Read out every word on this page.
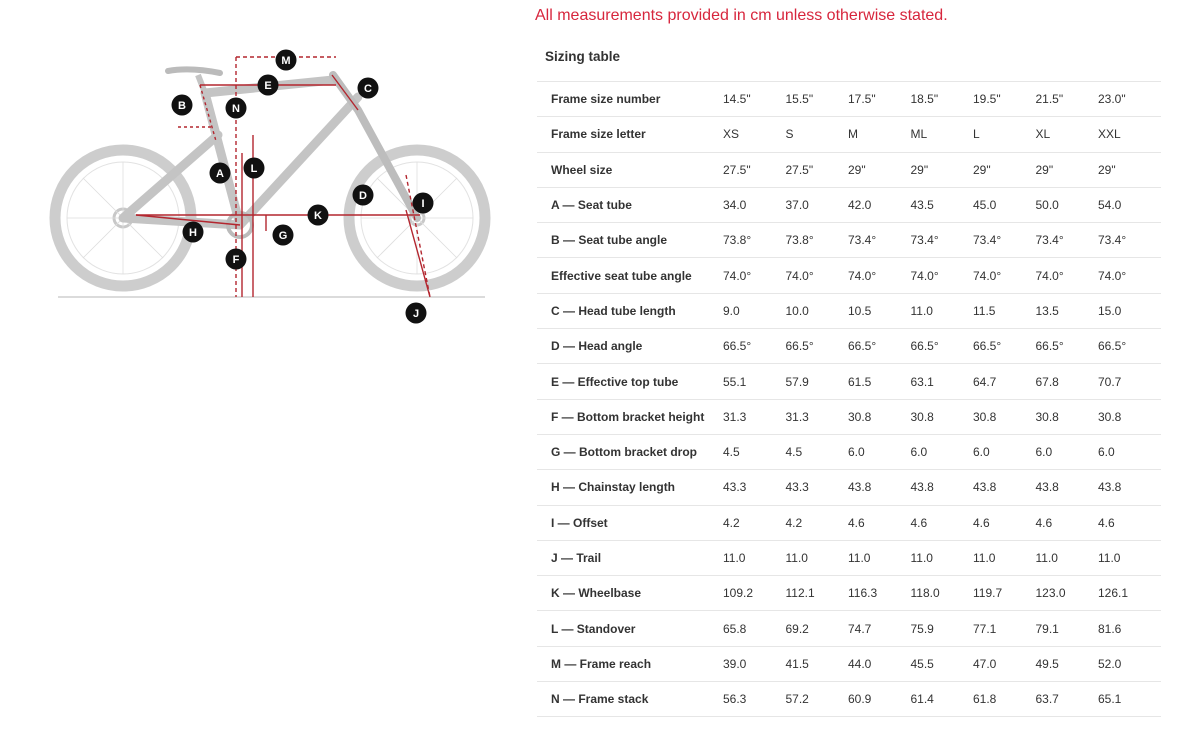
All measurements provided in cm unless otherwise stated.
M
E
N
C
B
L
A
D
I
K
H	G
F
J
Sizing table
Frame size number	14.5"	15.5"	17.5"	18.5"	19.5"	21.5"	23.0"
Frame size letter	XS	S	M	ML	L	XL	XXL
Wheel size	27.5"	27.5"	29"	29"	29"	29"	29"
A — Seat tube	34.0	37.0	42.0	43.5	45.0	50.0	54.0
B — Seat tube angle	73.8°	73.8°	73.4°	73.4°	73.4°	73.4°	73.4°
Effective seat tube angle	74.0°	74.0°	74.0°	74.0°	74.0°	74.0°	74.0°
C — Head tube length	9.0	10.0	10.5	11.0	11.5	13.5	15.0
D — Head angle	66.5°	66.5°	66.5°	66.5°	66.5°	66.5°	66.5°
E — Effective top tube	55.1	57.9	61.5	63.1	64.7	67.8	70.7
F — Bottom bracket height	31.3	31.3	30.8	30.8	30.8	30.8	30.8
G — Bottom bracket drop	4.5	4.5	6.0	6.0	6.0	6.0	6.0
H — Chainstay length	43.3	43.3	43.8	43.8	43.8	43.8	43.8
I — Offset	4.2	4.2	4.6	4.6	4.6	4.6	4.6
J — Trail	11.0	11.0	11.0	11.0	11.0	11.0	11.0
K — Wheelbase	109.2	112.1	116.3	118.0	119.7	123.0	126.1
L — Standover	65.8	69.2	74.7	75.9	77.1	79.1	81.6
M — Frame reach	39.0	41.5	44.0	45.5	47.0	49.5	52.0
N — Frame stack	56.3	57.2	60.9	61.4	61.8	63.7	65.1
